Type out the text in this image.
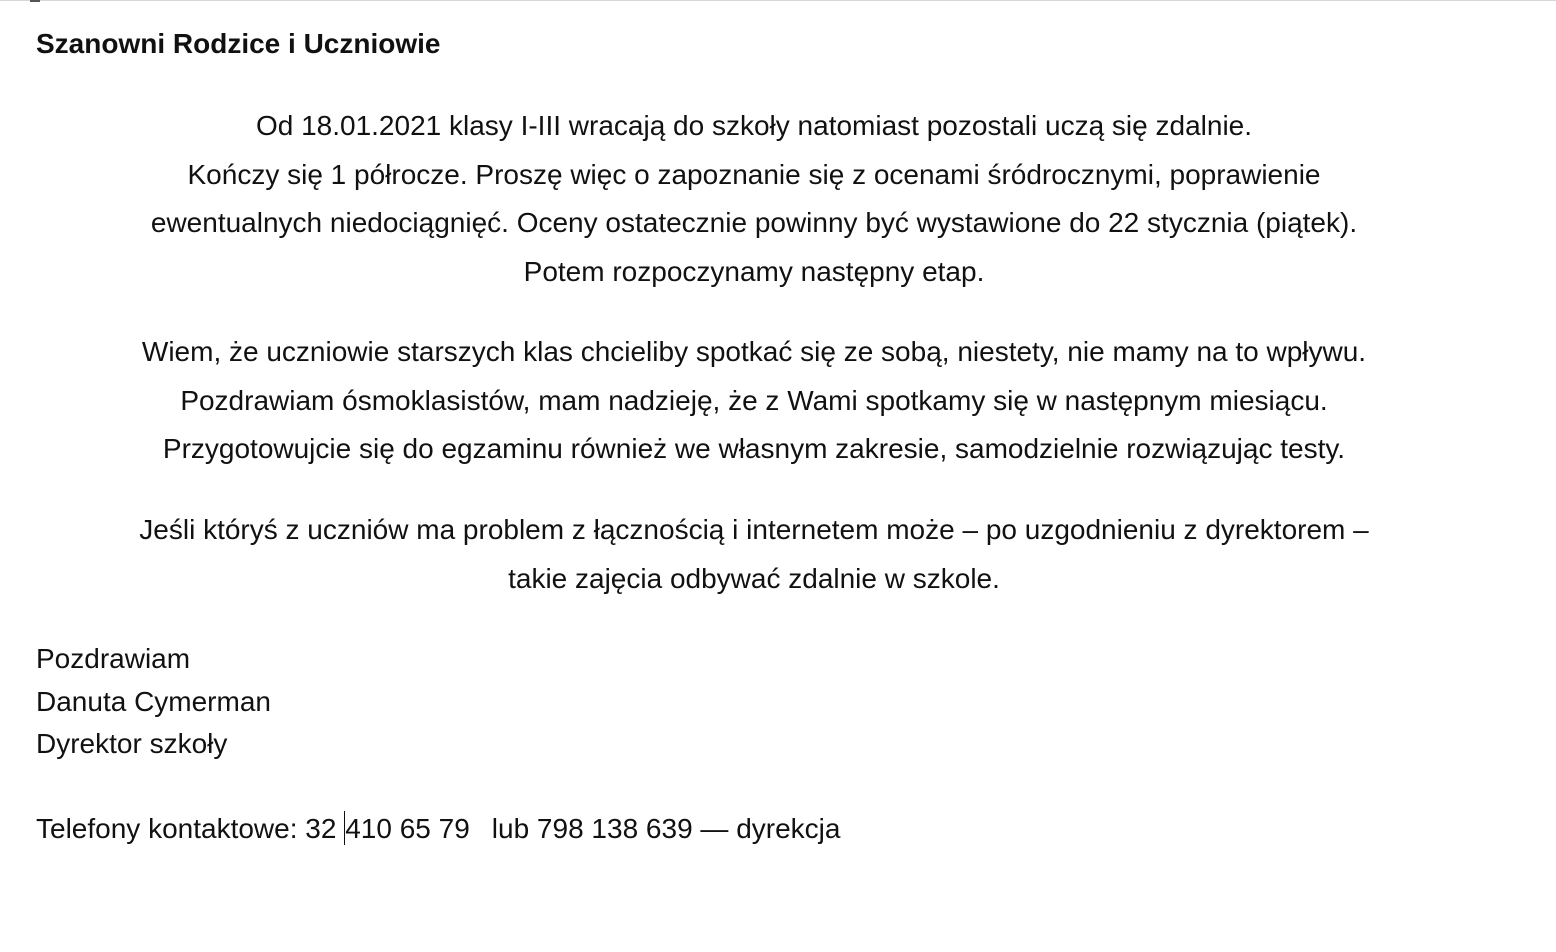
Szanowni Rodzice i Uczniowie
Od 18.01.2021 klasy I-III wracają do szkoły natomiast pozostali uczą się zdalnie.
Kończy się 1 półrocze. Proszę więc o zapoznanie się z ocenami śródrocznymi, poprawienie
ewentualnych niedociągnięć. Oceny ostatecznie powinny być wystawione do 22 stycznia (piątek).
Potem rozpoczynamy następny etap.
Wiem, że uczniowie starszych klas chcieliby spotkać się ze sobą, niestety, nie mamy na to wpływu.
Pozdrawiam ósmoklasistów, mam nadzieję, że z Wami spotkamy się w następnym miesiącu.
Przygotowujcie się do egzaminu również we własnym zakresie, samodzielnie rozwiązując testy.
Jeśli któryś z uczniów ma problem z łącznością i internetem może – po uzgodnieniu z dyrektorem –
takie zajęcia odbywać zdalnie w szkole.
Pozdrawiam
Danuta Cymerman
Dyrektor szkoły
Telefony kontaktowe: 32 410 65 79 lub 798 138 639 — dyrekcja
